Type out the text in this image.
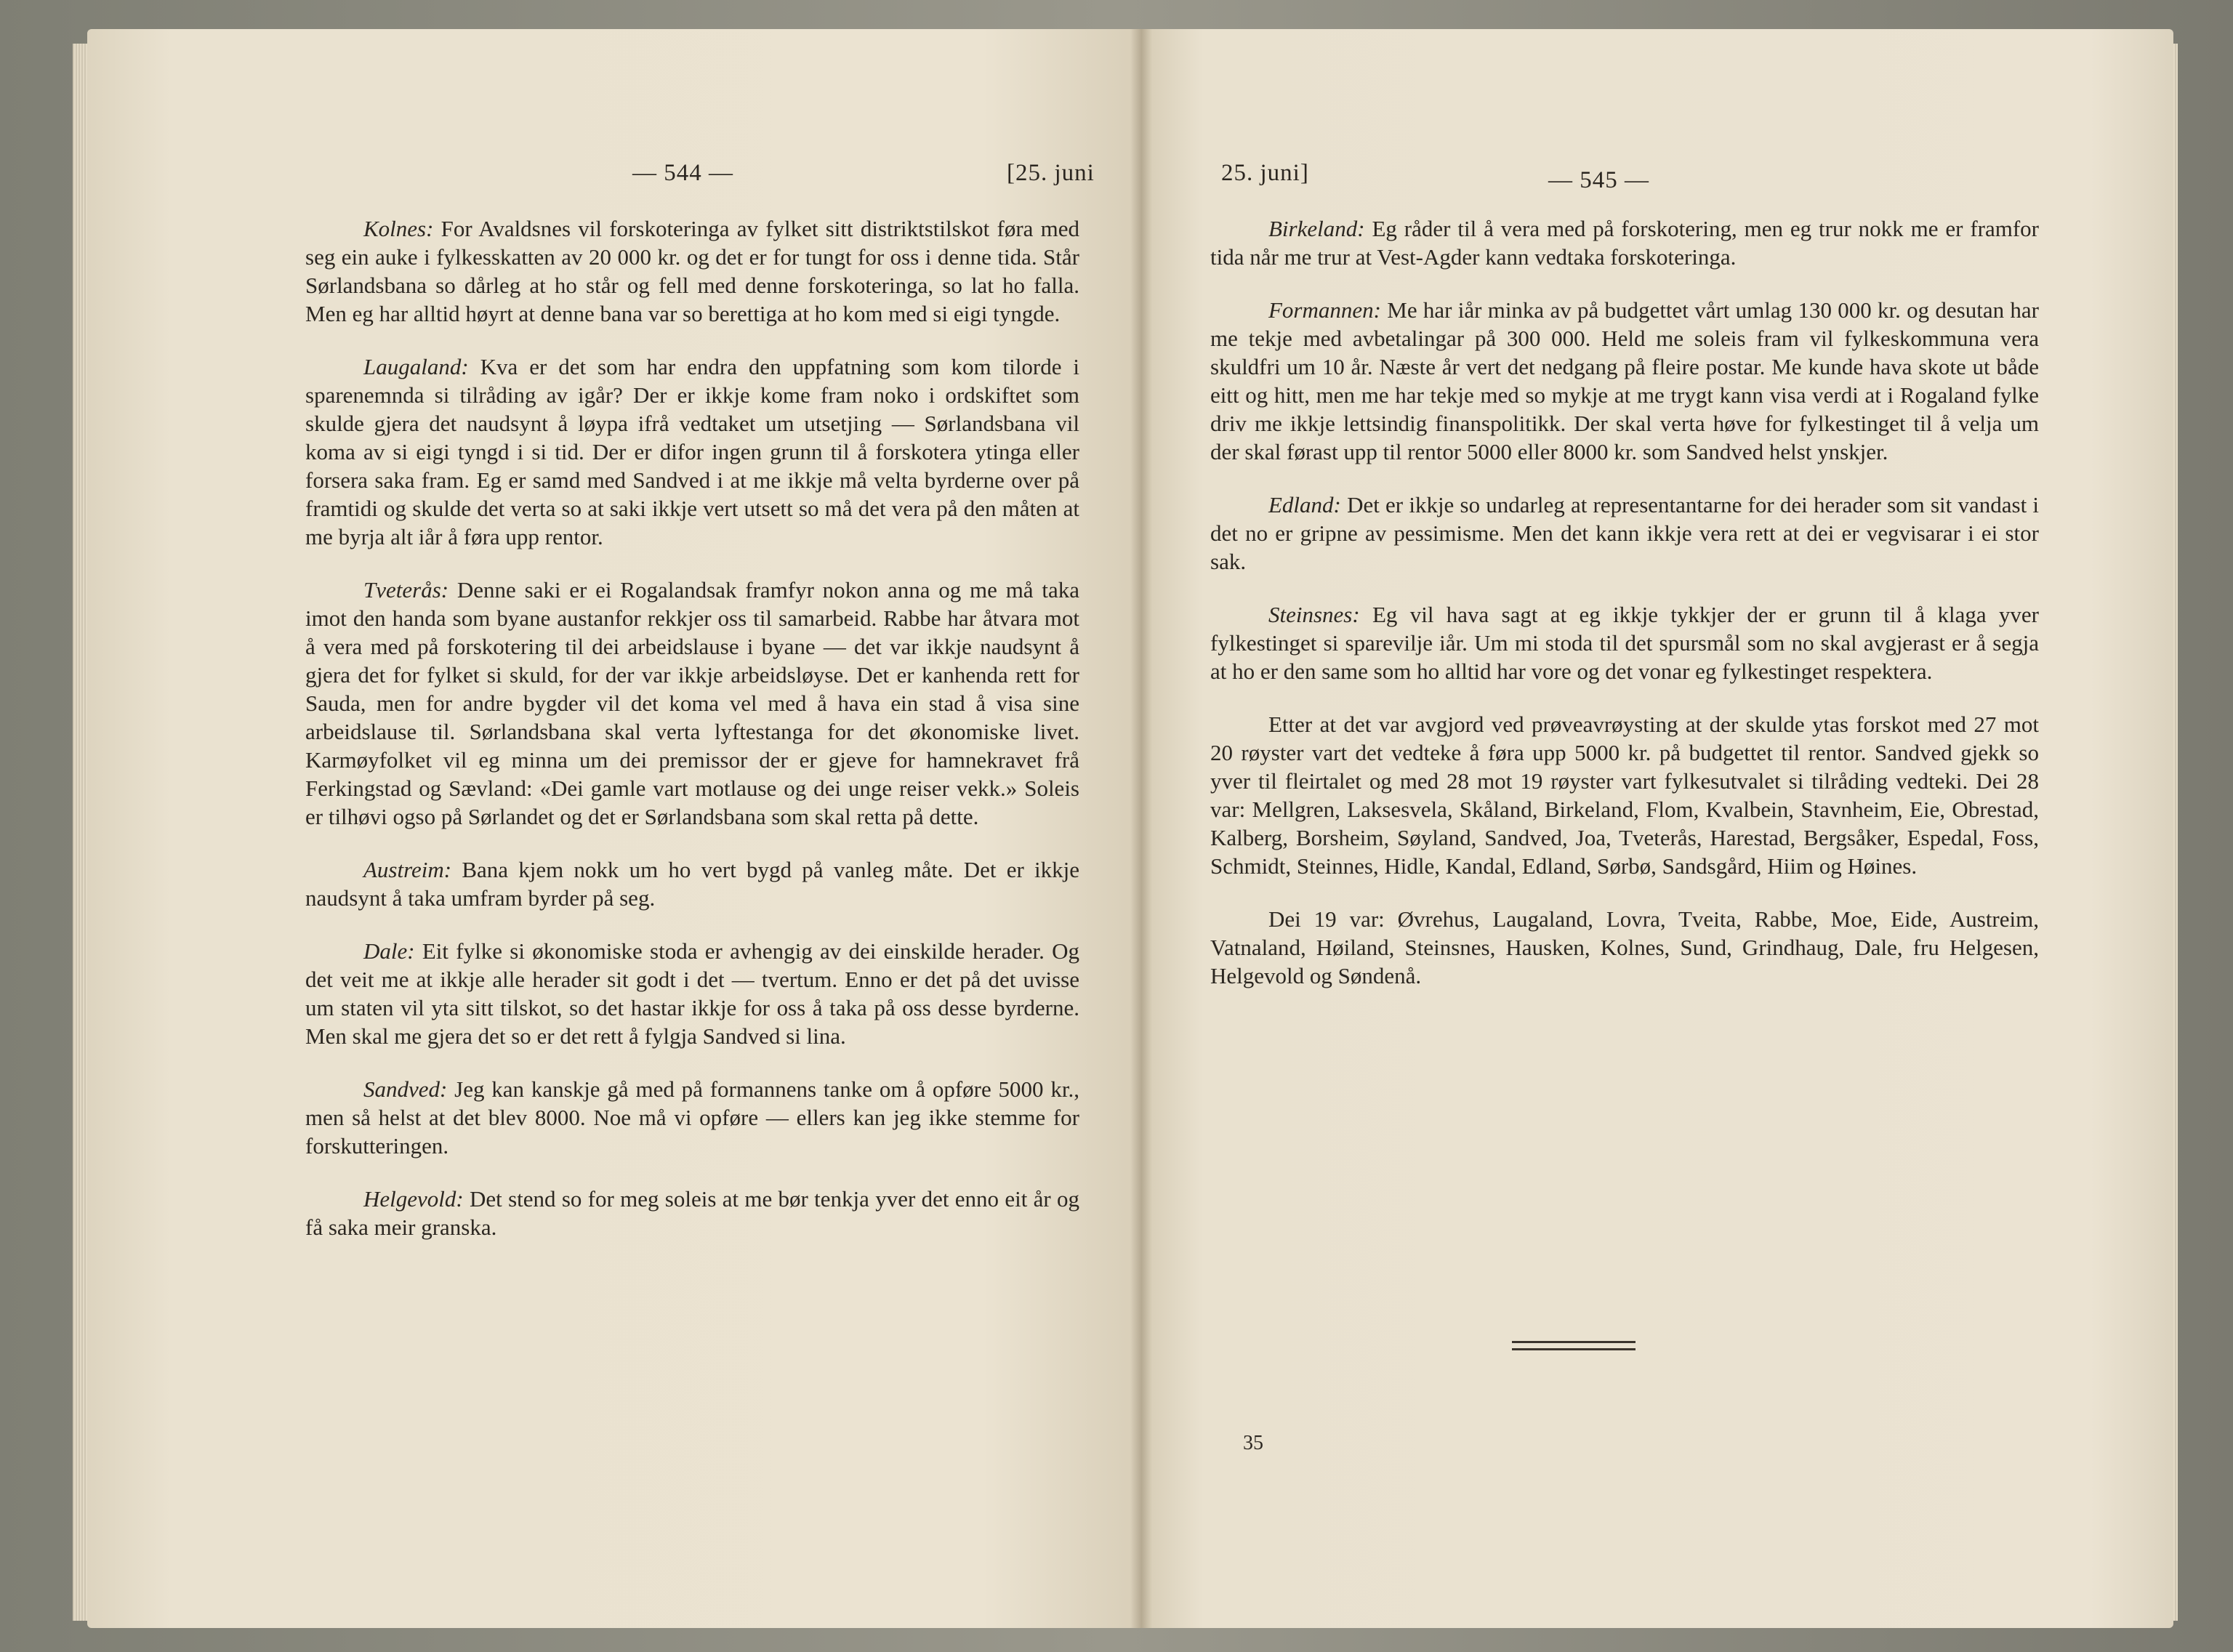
— 544 —	[25. juni

Kolnes: For Avaldsnes vil forskoteringa av fylket sitt distriktstilskot føra med seg ein auke i fylkesskatten av 20 000 kr. og det er for tungt for oss i denne tida. Står Sørlandsbana so dårleg at ho står og fell med denne forskoteringa, so lat ho falla. Men eg har alltid høyrt at denne bana var so berettiga at ho kom med si eigi tyngde.

Laugaland: Kva er det som har endra den uppfatning som kom tilorde i sparenemnda si tilråding av igår? Der er ikkje kome fram noko i ordskiftet som skulde gjera det naudsynt å løypa ifrå vedtaket um utsetjing — Sørlandsbana vil koma av si eigi tyngd i si tid. Der er difor ingen grunn til å forskotera ytinga eller forsera saka fram. Eg er samd med Sandved i at me ikkje må velta byrderne over på framtidi og skulde det verta so at saki ikkje vert utsett so må det vera på den måten at me byrja alt iår å føra upp rentor.

Tveterås: Denne saki er ei Rogalandsak framfyr nokon anna og me må taka imot den handa som byane austanfor rekkjer oss til samarbeid. Rabbe har åtvara mot å vera med på forskotering til dei arbeidslause i byane — det var ikkje naudsynt å gjera det for fylket si skuld, for der var ikkje arbeidsløyse. Det er kanhenda rett for Sauda, men for andre bygder vil det koma vel med å hava ein stad å visa sine arbeidslause til. Sørlandsbana skal verta lyftestanga for det økonomiske livet. Karmøyfolket vil eg minna um dei premissor der er gjeve for hamnekravet frå Ferkingstad og Sævland: «Dei gamle vart motlause og dei unge reiser vekk.» Soleis er tilhøvi ogso på Sørlandet og det er Sørlandsbana som skal retta på dette.

Austreim: Bana kjem nokk um ho vert bygd på vanleg måte. Det er ikkje naudsynt å taka umfram byrder på seg.

Dale: Eit fylke si økonomiske stoda er avhengig av dei einskilde herader. Og det veit me at ikkje alle herader sit godt i det — tvertum. Enno er det på det uvisse um staten vil yta sitt tilskot, so det hastar ikkje for oss å taka på oss desse byrderne. Men skal me gjera det so er det rett å fylgja Sandved si lina.

Sandved: Jeg kan kanskje gå med på formannens tanke om å opføre 5000 kr., men så helst at det blev 8000. Noe må vi opføre — ellers kan jeg ikke stemme for forskutteringen.

Helgevold: Det stend so for meg soleis at me bør tenkja yver det enno eit år og få saka meir granska.

25. juni]	— 545 —

Birkeland: Eg råder til å vera med på forskotering, men eg trur nokk me er framfor tida når me trur at Vest-Agder kann vedtaka forskoteringa.

Formannen: Me har iår minka av på budgettet vårt umlag 130 000 kr. og desutan har me tekje med avbetalingar på 300 000. Held me soleis fram vil fylkeskommuna vera skuldfri um 10 år. Næste år vert det nedgang på fleire postar. Me kunde hava skote ut både eitt og hitt, men me har tekje med so mykje at me trygt kann visa verdi at i Rogaland fylke driv me ikkje lettsindig finanspolitikk. Der skal verta høve for fylkestinget til å velja um der skal førast upp til rentor 5000 eller 8000 kr. som Sandved helst ynskjer.

Edland: Det er ikkje so undarleg at representantarne for dei herader som sit vandast i det no er gripne av pessimisme. Men det kann ikkje vera rett at dei er vegvisarar i ei stor sak.

Steinsnes: Eg vil hava sagt at eg ikkje tykkjer der er grunn til å klaga yver fylkestinget si sparevilje iår. Um mi stoda til det spursmål som no skal avgjerast er å segja at ho er den same som ho alltid har vore og det vonar eg fylkestinget respektera.

Etter at det var avgjord ved prøveavrøysting at der skulde ytas forskot med 27 mot 20 røyster vart det vedteke å føra upp 5000 kr. på budgettet til rentor. Sandved gjekk so yver til fleirtalet og med 28 mot 19 røyster vart fylkesutvalet si tilråding vedteki. Dei 28 var: Mellgren, Laksesvela, Skåland, Birkeland, Flom, Kvalbein, Stavnheim, Eie, Obrestad, Kalberg, Borsheim, Søyland, Sandved, Joa, Tveterås, Harestad, Bergsåker, Espedal, Foss, Schmidt, Steinnes, Hidle, Kandal, Edland, Sørbø, Sandsgård, Hiim og Høines.

Dei 19 var: Øvrehus, Laugaland, Lovra, Tveita, Rabbe, Moe, Eide, Austreim, Vatnaland, Høiland, Steinsnes, Hausken, Kolnes, Sund, Grindhaug, Dale, fru Helgesen, Helgevold og Søndenå.

35
